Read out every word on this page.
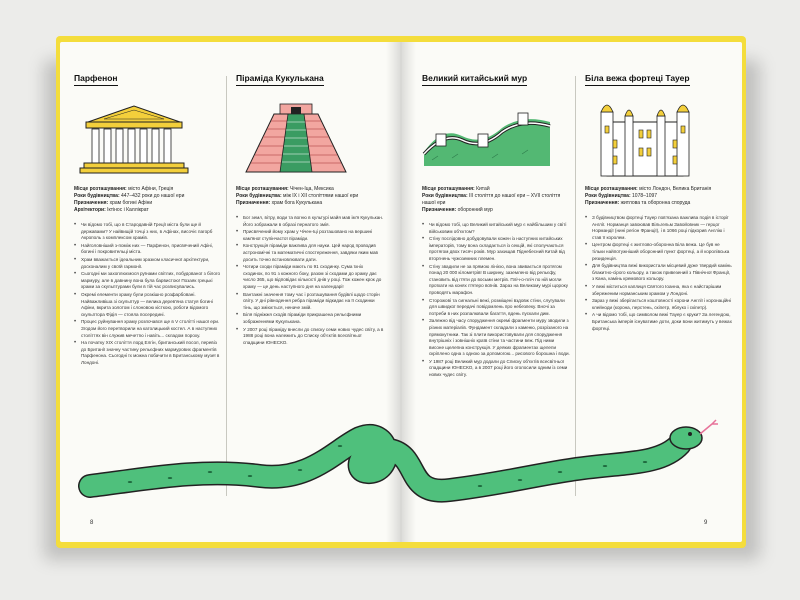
Парфенон
Місце розташування: місто Афіни, Греція
Роки будівництва: 447–432 роки до нашої ери
Призначення: храм богині Афіни
Архітектори: Іктінос і Каллікрат
• Чи відомо тобі, що в Стародавній Греції міста були ще й державами? У найвищій точці з них, в Афінах, височіє пагорб Акрополь з комплексом храмів.
• Найголовніший з-поміж них — Парфенон, присвячений Афіні, богині і покровительці міста.
• Храм вважається ідеальним зразком класичної архітектури, досконалим у своїй гармонії.
• Сьогодні ми захоплюємося руїнами світлих, побудованої з білого мармуру, але в давнину вона була барвистою! Позаяк грецькі храми за скульптурами були в тій час розписувались.
• Окремі елементи храму були розкішно розфарбовані. Найважливіша зі скульптур — велика дерев'яна статуя богині Афіни, вкрита золотом і слоновою кісткою, роботи відомого скульптора Фідія — стояла посередині.
• Процес руйнування храму розпочався ще в V столітті нашої ери. Згодом його перетворили на католицький костел. А в наступних століттях він служив мечеттю і навіть... складом пороху.
• На початку XIX століття лорд Елгін, британський посол, перевіз до Британії значну частину рельєфних мармурових фрагментів Парфенона. Сьогодні їх можна побачити в Британському музеї в Лондоні.
Піраміда Кукулькана
Місце розташування: Чічен-Іца, Мексика
Роки будівництва: між IX і XII століттями нашої ери
Призначення: храм бога Кукулькана
• Бог земл, вітру, води та вогню в культурі майя мав ім'я Кукулькан. Його зображали в образі пернатого змія.
• Присвячений йому храм у Чічен-Іці розташовано на вершині кам'яної ступінчастої піраміди.
• Конструкція піраміди важлива для науки. Цей народ проводив астрономічні та математичні спостереження, завдяки яким мав досить точно встановлювати дати.
• Чотири сходи піраміди мають по 91 сходинку. Сума їхніх сходинок, по 91 з кожного боку, разом зі сходами до храму дає число 365, що відповідає кількості днів у році. Тож кожен крок до храму — це день наступного дня на календарі!
• Вантажні значення тому час і розташування будівлі щодо сторін світу. У дні рівнодення ребра піраміди відкидає на її сходинки тінь, що зміюється, неначе змій.
• Біля підніжжя сходів піраміди прикрашена рельєфними зображеннями Кукулькана.
• У 2007 році піраміду внесли до списку семи нових чудес світу, а в 1988 році вона належить до Списку об'єктів всесвітньої спадщини ЮНЕСКО.
Великий китайський мур
Місце розташування: Китай
Роки будівництва: III століття до нашої ери – XVII століття нашої ери
Призначення: оборонний мур
• Чи відомо тобі, що Великий китайський мур є найбільшим у світі військовим об'єктом?
• Стіну послідовно добудовували кожен із наступних китайських імператорів, тому вона складається із секцій, які сполучаються протягом двох тисяч років. Мур захищав Піднебесний Китай від вторгнень чужоземних племен.
• Стіну звадили не за прямою лінією, вона звивається протягом понад 20 000 кілометрів! В ширину, заземлено від рельєфу, становить від п'яти до восьми метрів. Пліч-о-пліч по ній могли проїхати на конях п'ятеро воїнів. Зараз на Великому мурі щороку проводять марафон.
• Сторожові та сигнальні вежі, розміщені вздовж стіни, слугували для швидкої передачі повідомлень про небезпеку. Вночі за потреби в них розпалювали багаття, вдень пускали дим.
• Залежно від часу спорудження окремі фрагменти муру зводили з різних матеріалів. Фундамент складали з каменю, розрізаного на прямокутники. Так зі плити використовували для спорудження внутрішніх і зовнішніх країв стіни та частини веж. Під ними висоне щелепна конструкція. У деяких фрагментах щелепи скріплено одна з одною за допомогою... рисового борошна і води.
• У 1987 році Великий мур додали до Списку об'єктів всесвітньої спадщини ЮНЕСКО, а в 2007 році його оголосили одним із семи нових чудес світу.
Біла вежа фортеці Тауер
Місце розташування: місто Лондон, Велика Британія
Роки будівництва: 1078–1097
Призначення: житлова та оборонна споруда
• З будівництвом фортеці Тауер пов'язана важлива подія в історії Англії. Норманця завоював Вільгельм Завойовник — герцог Нормандії (нині регіон Франції), і в 1066 році підкорив Англію і став її королем.
• Центром фортеці є житлово-оборонна Біла вежа. Це був не тільки найпотужніший оборонний пункт фортеці, а й королівська резиденція.
• Для будівництва вежі використали місцевий дуже твердий камінь блакитно-сірого кольору, а також привезений з Північної Франції, з Кана, камінь кремового кольору.
• У вежі міститься каплиця Святого Іоанна, яка є найстарішим збереженим норманським храмом у Лондоні.
• Зараз у вежі зберігається коштовності корони Англії і коронаційні клейноди (корона, перстень, скіпетр, яблуко і скіпетр).
• А чи відомо тобі, що символом вежі Тауер є круки? За легендою, Британська імперія існуватиме доти, доки вони житимуть у вежах фортеці.
8	9
